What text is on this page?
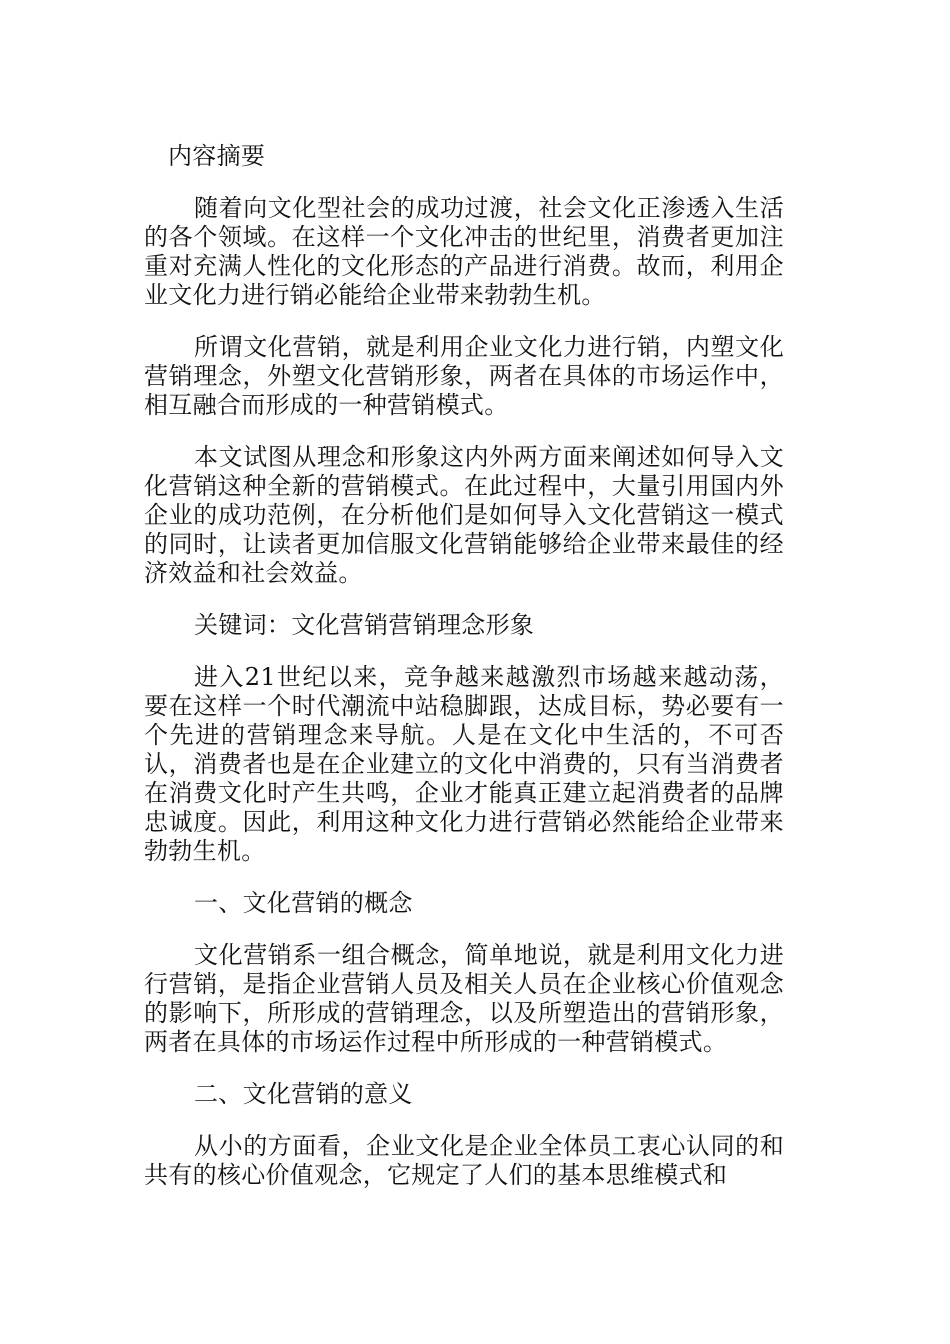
内容摘要

随着向文化型社会的成功过渡，社会文化正渗透入生活的各个领域。在这样一个文化冲击的世纪里，消费者更加注重对充满人性化的文化形态的产品进行消费。故而，利用企业文化力进行销必能给企业带来勃勃生机。

所谓文化营销，就是利用企业文化力进行销，内塑文化营销理念，外塑文化营销形象，两者在具体的市场运作中，相互融合而形成的一种营销模式。

本文试图从理念和形象这内外两方面来阐述如何导入文化营销这种全新的营销模式。在此过程中，大量引用国内外企业的成功范例，在分析他们是如何导入文化营销这一模式的同时，让读者更加信服文化营销能够给企业带来最佳的经济效益和社会效益。

关键词：文化营销营销理念形象

进入21世纪以来，竞争越来越激烈市场越来越动荡，要在这样一个时代潮流中站稳脚跟，达成目标，势必要有一个先进的营销理念来导航。人是在文化中生活的，不可否认，消费者也是在企业建立的文化中消费的，只有当消费者在消费文化时产生共鸣，企业才能真正建立起消费者的品牌忠诚度。因此，利用这种文化力进行营销必然能给企业带来勃勃生机。

一、文化营销的概念

文化营销系一组合概念，简单地说，就是利用文化力进行营销，是指企业营销人员及相关人员在企业核心价值观念的影响下，所形成的营销理念，以及所塑造出的营销形象，两者在具体的市场运作过程中所形成的一种营销模式。

二、文化营销的意义

从小的方面看，企业文化是企业全体员工衷心认同的和共有的核心价值观念，它规定了人们的基本思维模式和
